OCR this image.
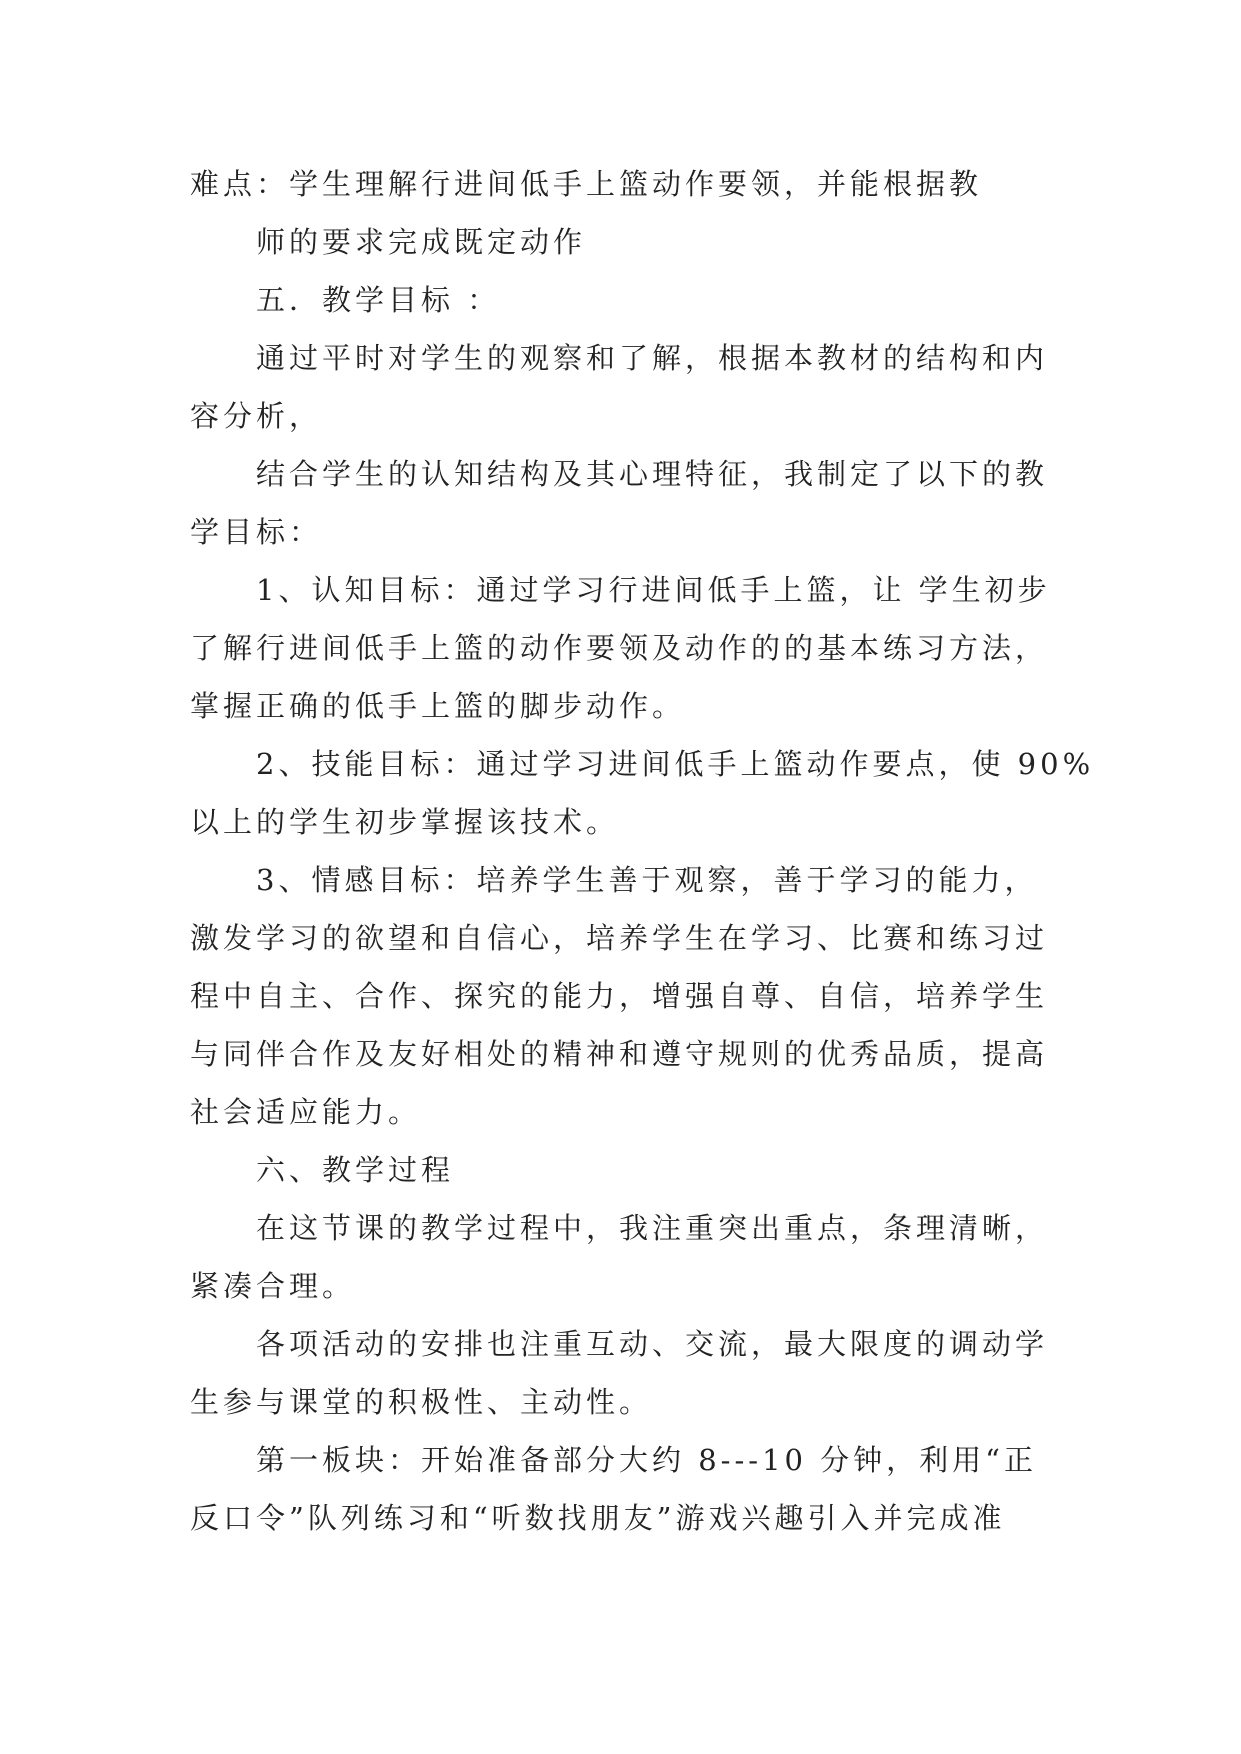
难点：学生理解行进间低手上篮动作要领，并能根据教

师的要求完成既定动作

五．教学目标 ：

通过平时对学生的观察和了解，根据本教材的结构和内

容分析，

结合学生的认知结构及其心理特征，我制定了以下的教

学目标：

1、认知目标：通过学习行进间低手上篮，让 学生初步

了解行进间低手上篮的动作要领及动作的的基本练习方法，

掌握正确的低手上篮的脚步动作。

2、技能目标：通过学习进间低手上篮动作要点，使 90%

以上的学生初步掌握该技术。

3、情感目标：培养学生善于观察，善于学习的能力，

激发学习的欲望和自信心，培养学生在学习、比赛和练习过

程中自主、合作、探究的能力，增强自尊、自信，培养学生

与同伴合作及友好相处的精神和遵守规则的优秀品质，提高

社会适应能力。

六、教学过程

在这节课的教学过程中，我注重突出重点，条理清晰，

紧凑合理。

各项活动的安排也注重互动、交流，最大限度的调动学

生参与课堂的积极性、主动性。

第一板块：开始准备部分大约 8---10 分钟，利用“正

反口令”队列练习和“听数找朋友”游戏兴趣引入并完成准
